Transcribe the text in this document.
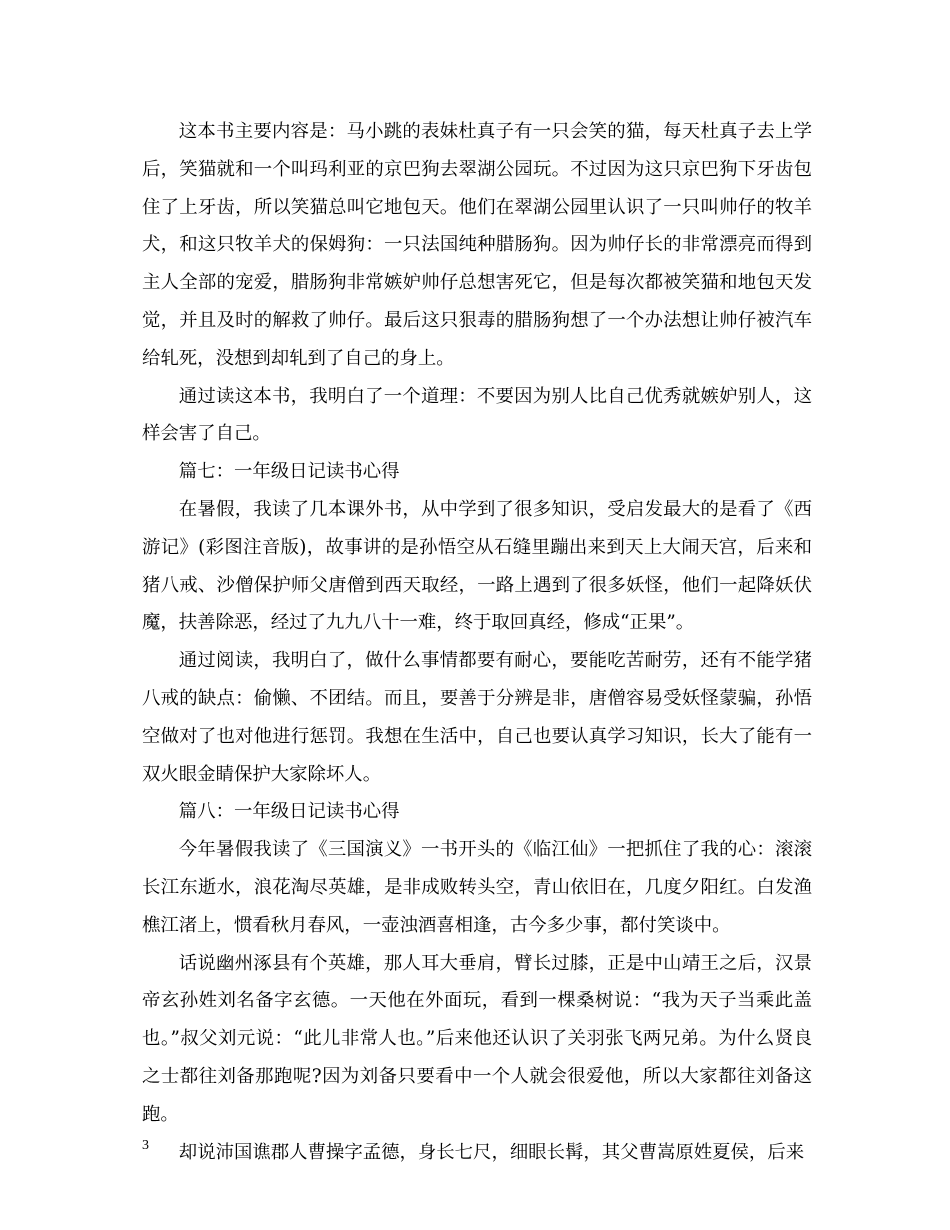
这本书主要内容是：马小跳的表妹杜真子有一只会笑的猫，每天杜真子去上学后，笑猫就和一个叫玛利亚的京巴狗去翠湖公园玩。不过因为这只京巴狗下牙齿包住了上牙齿，所以笑猫总叫它地包天。他们在翠湖公园里认识了一只叫帅仔的牧羊犬，和这只牧羊犬的保姆狗：一只法国纯种腊肠狗。因为帅仔长的非常漂亮而得到主人全部的宠爱，腊肠狗非常嫉妒帅仔总想害死它，但是每次都被笑猫和地包天发觉，并且及时的解救了帅仔。最后这只狠毒的腊肠狗想了一个办法想让帅仔被汽车给轧死，没想到却轧到了自己的身上。

通过读这本书，我明白了一个道理：不要因为别人比自己优秀就嫉妒别人，这样会害了自己。

篇七：一年级日记读书心得

在暑假，我读了几本课外书，从中学到了很多知识，受启发最大的是看了《西游记》(彩图注音版)，故事讲的是孙悟空从石缝里蹦出来到天上大闹天宫，后来和猪八戒、沙僧保护师父唐僧到西天取经，一路上遇到了很多妖怪，他们一起降妖伏魔，扶善除恶，经过了九九八十一难，终于取回真经，修成“正果”。

通过阅读，我明白了，做什么事情都要有耐心，要能吃苦耐劳，还有不能学猪八戒的缺点：偷懒、不团结。而且，要善于分辨是非，唐僧容易受妖怪蒙骗，孙悟空做对了也对他进行惩罚。我想在生活中，自己也要认真学习知识，长大了能有一双火眼金睛保护大家除坏人。

篇八：一年级日记读书心得

今年暑假我读了《三国演义》一书开头的《临江仙》一把抓住了我的心：滚滚长江东逝水，浪花淘尽英雄，是非成败转头空，青山依旧在，几度夕阳红。白发渔樵江渚上，惯看秋月春风，一壶浊酒喜相逢，古今多少事，都付笑谈中。

话说幽州涿县有个英雄，那人耳大垂肩，臂长过膝，正是中山靖王之后，汉景帝玄孙姓刘名备字玄德。一天他在外面玩，看到一棵桑树说：“我为天子当乘此盖也。”叔父刘元说：“此儿非常人也。”后来他还认识了关羽张飞两兄弟。为什么贤良之士都往刘备那跑呢?因为刘备只要看中一个人就会很爱他，所以大家都往刘备这跑。

却说沛国谯郡人曹操字孟德，身长七尺，细眼长髯，其父曹嵩原姓夏侯，后来

3
